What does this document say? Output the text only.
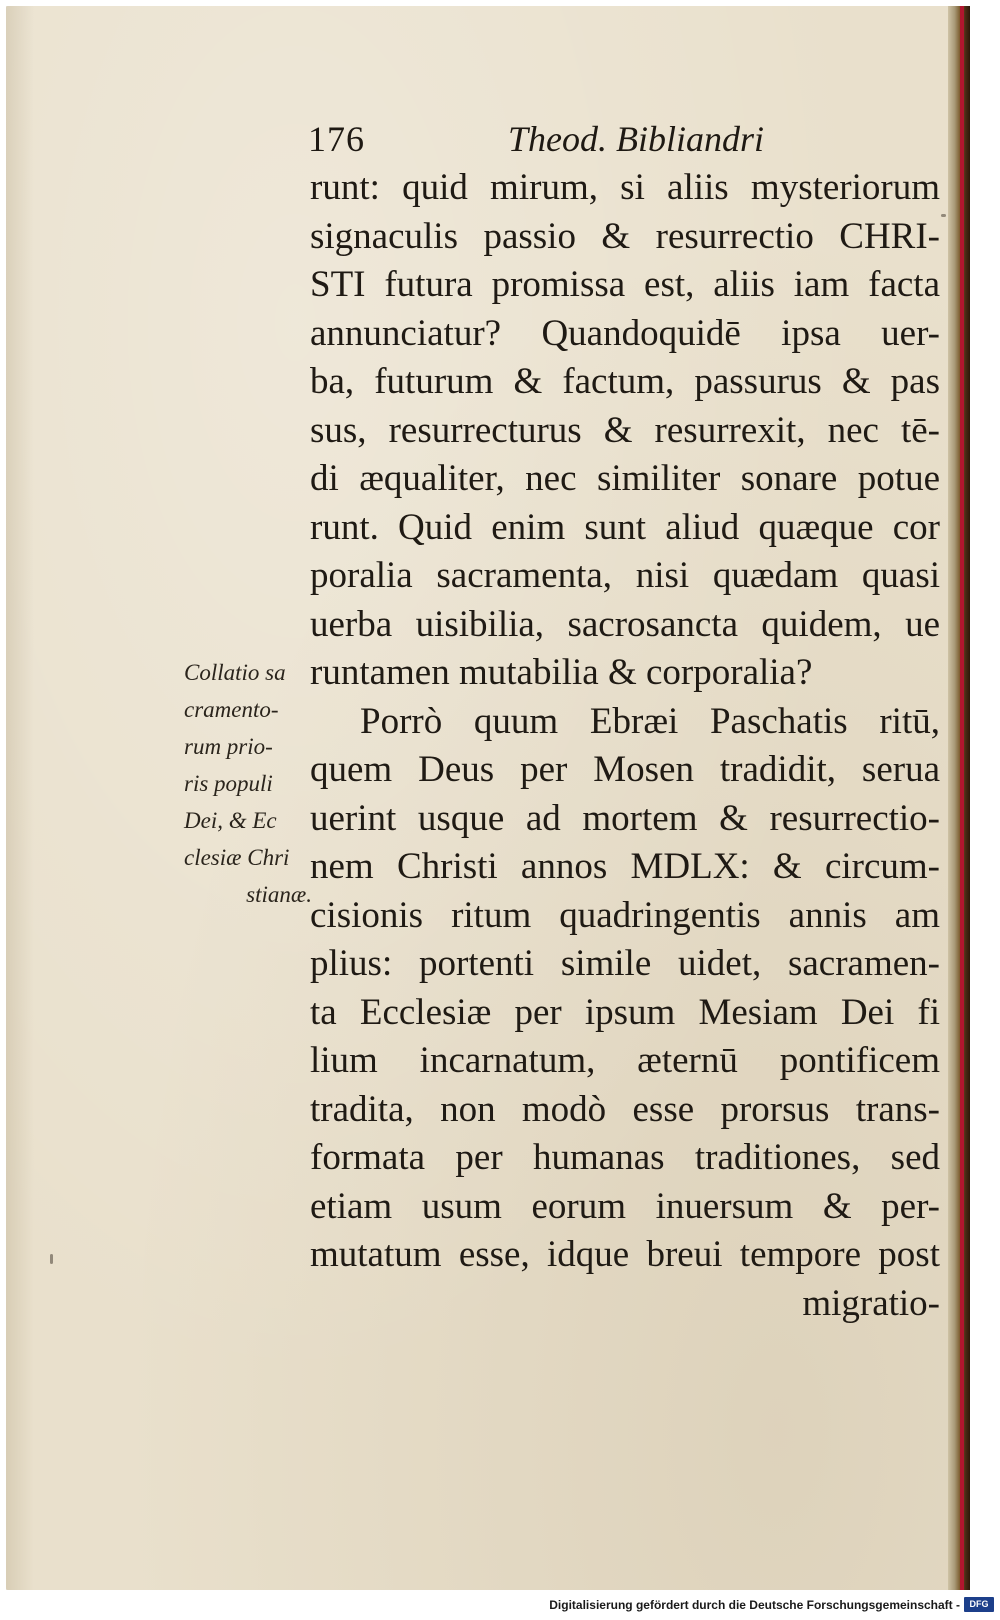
176	Theod. Bibliandri
runt: quid mirum, si aliis mysteriorum
signaculis passio & resurrectio CHRI-
STI futura promissa est, aliis iam facta
annunciatur? Quandoquidē ipsa uer-
ba, futurum & factum, passurus & pas
sus, resurrecturus & resurrexit, nec tē-
di æqualiter, nec similiter sonare potue
runt. Quid enim sunt aliud quæque cor
poralia sacramenta, nisi quædam quasi
uerba uisibilia, sacrosancta quidem, ue
runtamen mutabilia & corporalia?
Porrò quum Ebræi Paschatis ritū,
quem Deus per Mosen tradidit, serua
uerint usque ad mortem & resurrectio-
nem Christi annos MDLX: & circum-
cisionis ritum quadringentis annis am
plius: portenti simile uidet, sacramen-
ta Ecclesiæ per ipsum Mesiam Dei fi
lium incarnatum, æternū pontificem
tradita, non modò esse prorsus trans-
formata per humanas traditiones, sed
etiam usum eorum inuersum & per-
mutatum esse, idque breui tempore post
migratio-
Collatio sa
cramento-
rum prio-
ris populi
Dei, & Ec
clesiæ Chri
stianæ.
Digitalisierung gefördert durch die Deutsche Forschungsgemeinschaft -	DFG
